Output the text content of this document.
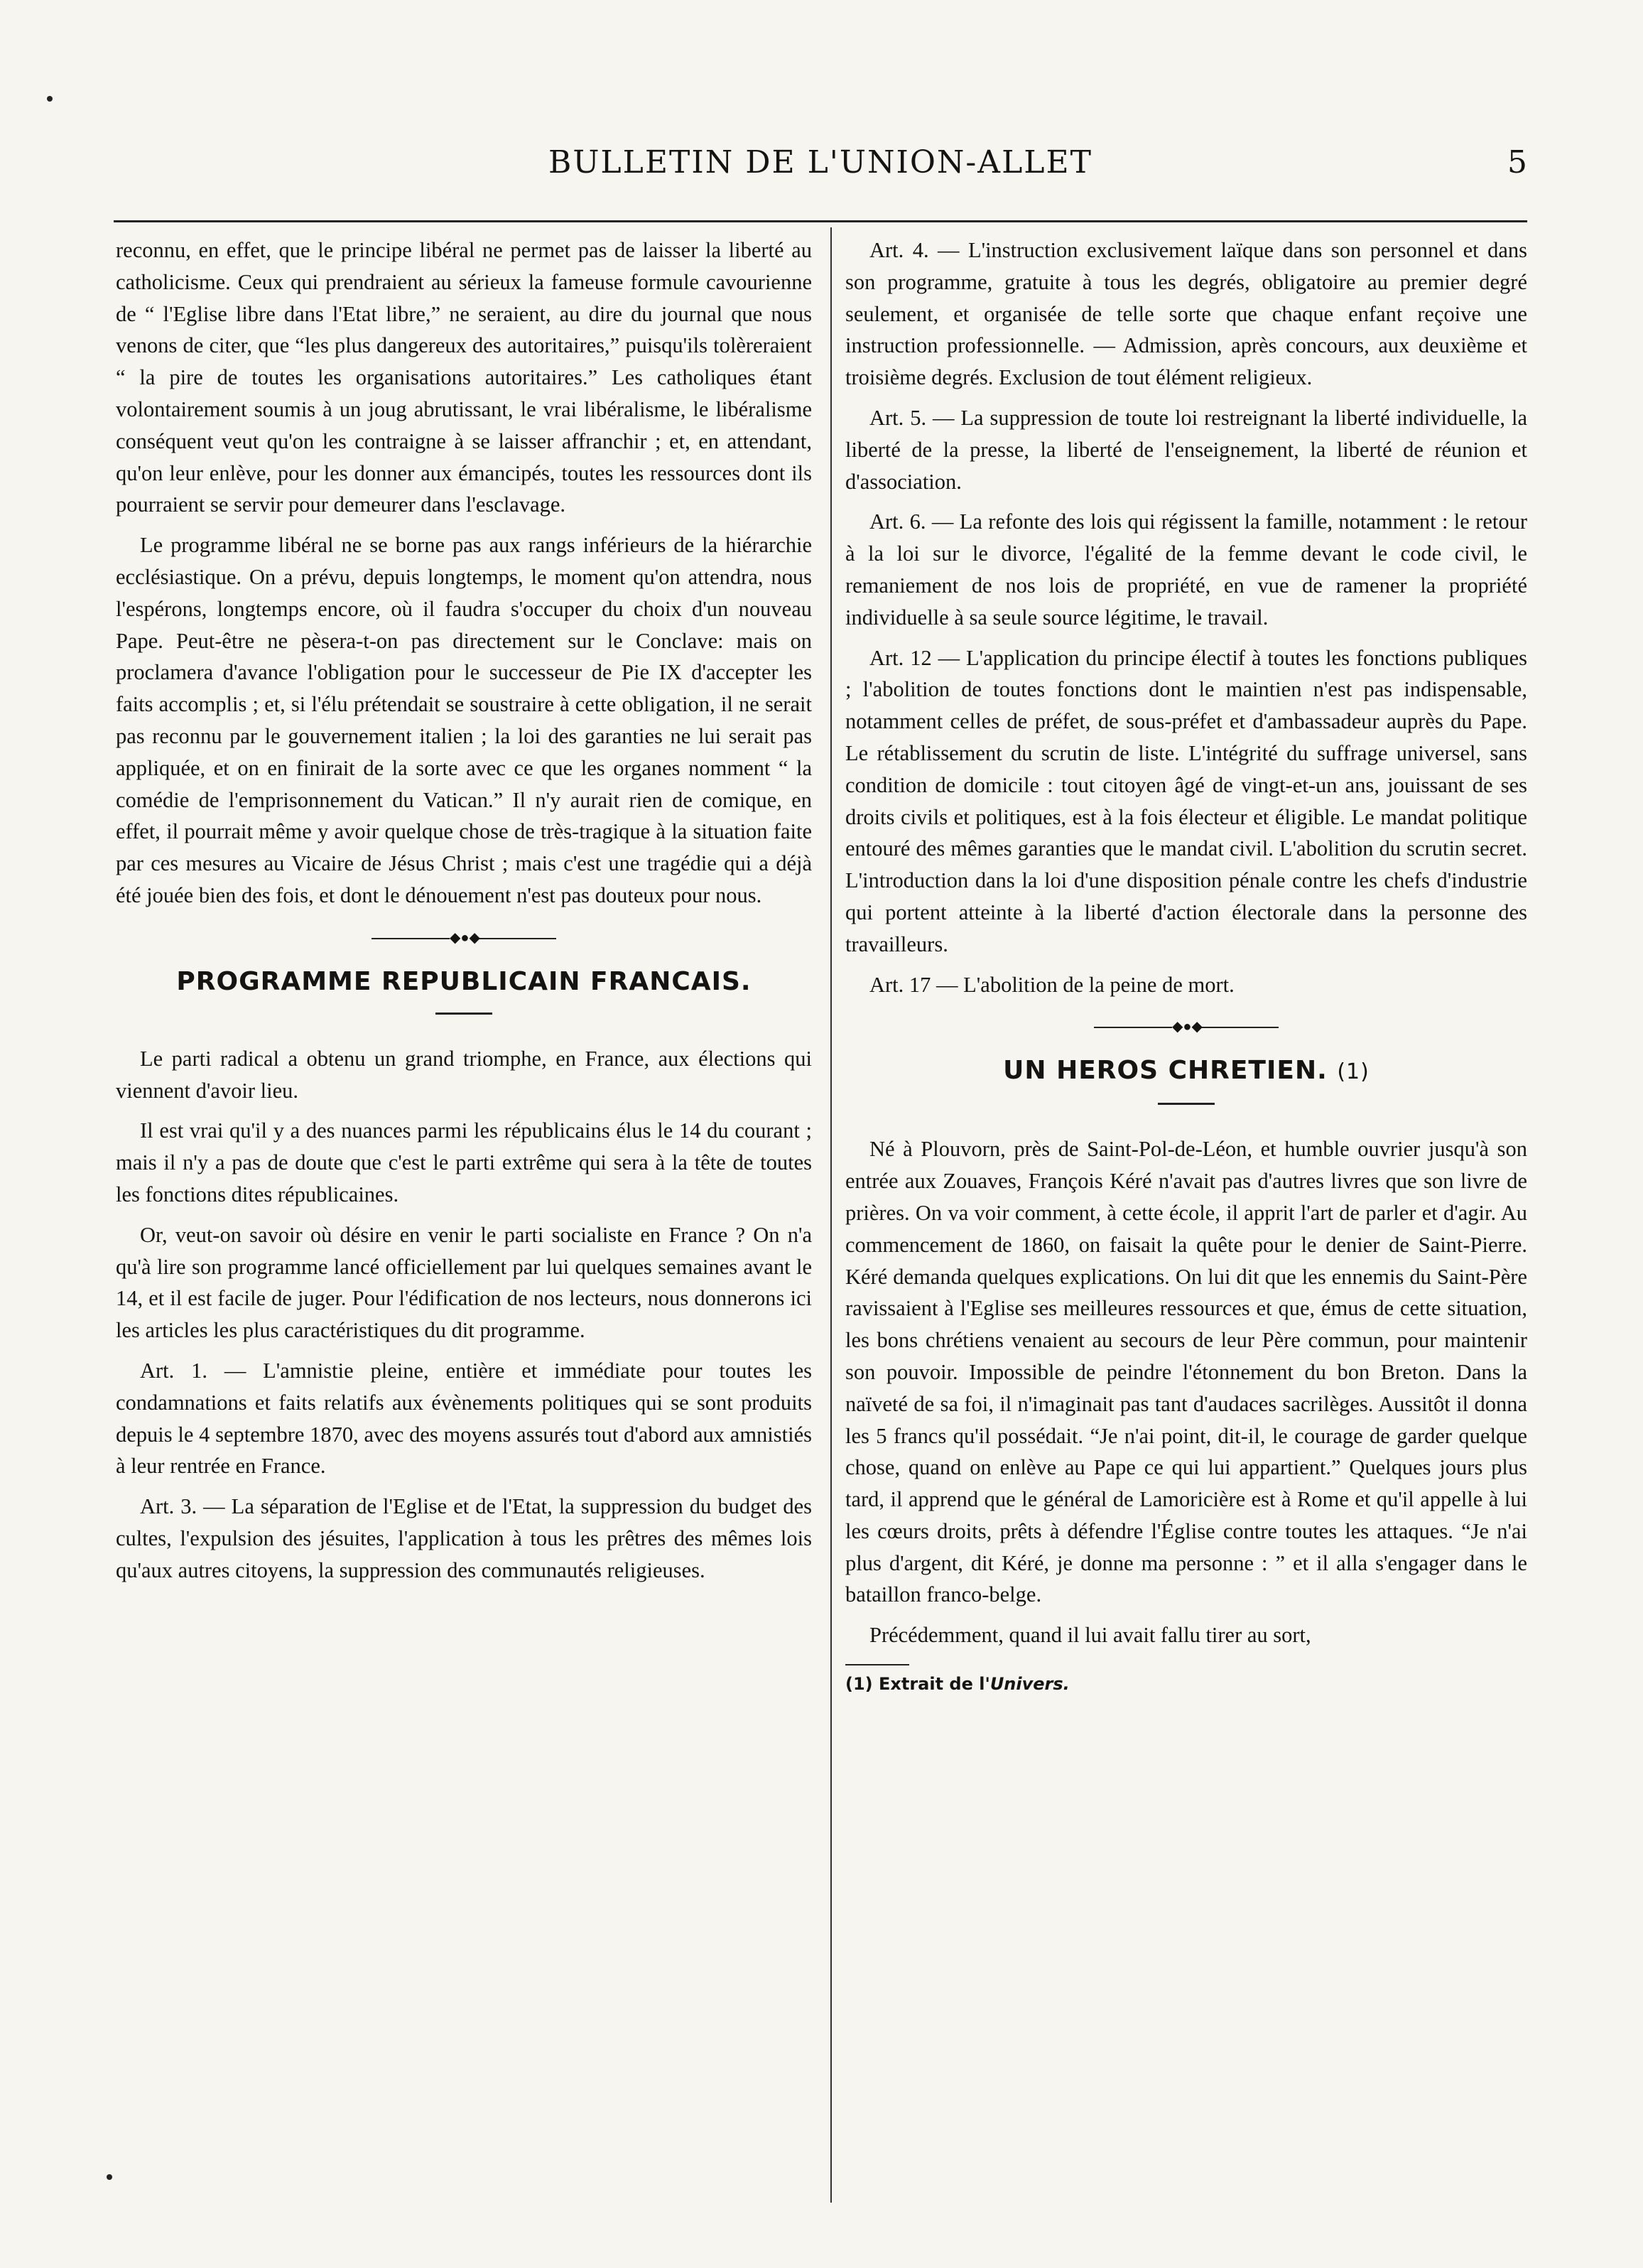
BULLETIN DE L'UNION-ALLET	5

reconnu, en effet, que le principe libéral ne permet pas de laisser la liberté au catholicisme. Ceux qui prendraient au sérieux la fameuse formule cavourienne de “ l'Eglise libre dans l'Etat libre,” ne seraient, au dire du journal que nous venons de citer, que “les plus dangereux des autoritaires,” puisqu'ils tolèreraient “ la pire de toutes les organisations autoritaires.” Les catholiques étant volontairement soumis à un joug abrutissant, le vrai libéralisme, le libéralisme conséquent veut qu'on les contraigne à se laisser affranchir ; et, en attendant, qu'on leur enlève, pour les donner aux émancipés, toutes les ressources dont ils pourraient se servir pour demeurer dans l'esclavage.

Le programme libéral ne se borne pas aux rangs inférieurs de la hiérarchie ecclésiastique. On a prévu, depuis longtemps, le moment qu'on attendra, nous l'espérons, longtemps encore, où il faudra s'occuper du choix d'un nouveau Pape. Peut-être ne pèsera-t-on pas directement sur le Conclave: mais on proclamera d'avance l'obligation pour le successeur de Pie IX d'accepter les faits accomplis ; et, si l'élu prétendait se soustraire à cette obligation, il ne serait pas reconnu par le gouvernement italien ; la loi des garanties ne lui serait pas appliquée, et on en finirait de la sorte avec ce que les organes nomment “ la comédie de l'emprisonnement du Vatican.” Il n'y aurait rien de comique, en effet, il pourrait même y avoir quelque chose de très-tragique à la situation faite par ces mesures au Vicaire de Jésus Christ ; mais c'est une tragédie qui a déjà été jouée bien des fois, et dont le dénouement n'est pas douteux pour nous.

◆●◆
PROGRAMME REPUBLICAIN FRANCAIS.

Le parti radical a obtenu un grand triomphe, en France, aux élections qui viennent d'avoir lieu.

Il est vrai qu'il y a des nuances parmi les républicains élus le 14 du courant ; mais il n'y a pas de doute que c'est le parti extrême qui sera à la tête de toutes les fonctions dites républicaines.

Or, veut-on savoir où désire en venir le parti socialiste en France ? On n'a qu'à lire son programme lancé officiellement par lui quelques semaines avant le 14, et il est facile de juger. Pour l'édification de nos lecteurs, nous donnerons ici les articles les plus caractéristiques du dit programme.

Art. 1. — L'amnistie pleine, entière et immédiate pour toutes les condamnations et faits relatifs aux évènements politiques qui se sont produits depuis le 4 septembre 1870, avec des moyens assurés tout d'abord aux amnistiés à leur rentrée en France.

Art. 3. — La séparation de l'Eglise et de l'Etat, la suppression du budget des cultes, l'expulsion des jésuites, l'application à tous les prêtres des mêmes lois qu'aux autres citoyens, la suppression des communautés religieuses.

Art. 4. — L'instruction exclusivement laïque dans son personnel et dans son programme, gratuite à tous les degrés, obligatoire au premier degré seulement, et organisée de telle sorte que chaque enfant reçoive une instruction professionnelle. — Admission, après concours, aux deuxième et troisième degrés. Exclusion de tout élément religieux.

Art. 5. — La suppression de toute loi restreignant la liberté individuelle, la liberté de la presse, la liberté de l'enseignement, la liberté de réunion et d'association.

Art. 6. — La refonte des lois qui régissent la famille, notamment : le retour à la loi sur le divorce, l'égalité de la femme devant le code civil, le remaniement de nos lois de propriété, en vue de ramener la propriété individuelle à sa seule source légitime, le travail.

Art. 12 — L'application du principe électif à toutes les fonctions publiques ; l'abolition de toutes fonctions dont le maintien n'est pas indispensable, notamment celles de préfet, de sous-préfet et d'ambassadeur auprès du Pape. Le rétablissement du scrutin de liste. L'intégrité du suffrage universel, sans condition de domicile : tout citoyen âgé de vingt-et-un ans, jouissant de ses droits civils et politiques, est à la fois électeur et éligible. Le mandat politique entouré des mêmes garanties que le mandat civil. L'abolition du scrutin secret. L'introduction dans la loi d'une disposition pénale contre les chefs d'industrie qui portent atteinte à la liberté d'action électorale dans la personne des travailleurs.

Art. 17 — L'abolition de la peine de mort.

◆●◆
UN HEROS CHRETIEN. (1)

Né à Plouvorn, près de Saint-Pol-de-Léon, et humble ouvrier jusqu'à son entrée aux Zouaves, François Kéré n'avait pas d'autres livres que son livre de prières. On va voir comment, à cette école, il apprit l'art de parler et d'agir. Au commencement de 1860, on faisait la quête pour le denier de Saint-Pierre. Kéré demanda quelques explications. On lui dit que les ennemis du Saint-Père ravissaient à l'Eglise ses meilleures ressources et que, émus de cette situation, les bons chrétiens venaient au secours de leur Père commun, pour maintenir son pouvoir. Impossible de peindre l'étonnement du bon Breton. Dans la naïveté de sa foi, il n'imaginait pas tant d'audaces sacrilèges. Aussitôt il donna les 5 francs qu'il possédait. “Je n'ai point, dit-il, le courage de garder quelque chose, quand on enlève au Pape ce qui lui appartient.” Quelques jours plus tard, il apprend que le général de Lamoricière est à Rome et qu'il appelle à lui les cœurs droits, prêts à défendre l'Église contre toutes les attaques. “Je n'ai plus d'argent, dit Kéré, je donne ma personne : ” et il alla s'engager dans le bataillon franco-belge.

Précédemment, quand il lui avait fallu tirer au sort,

(1) Extrait de l'Univers.
